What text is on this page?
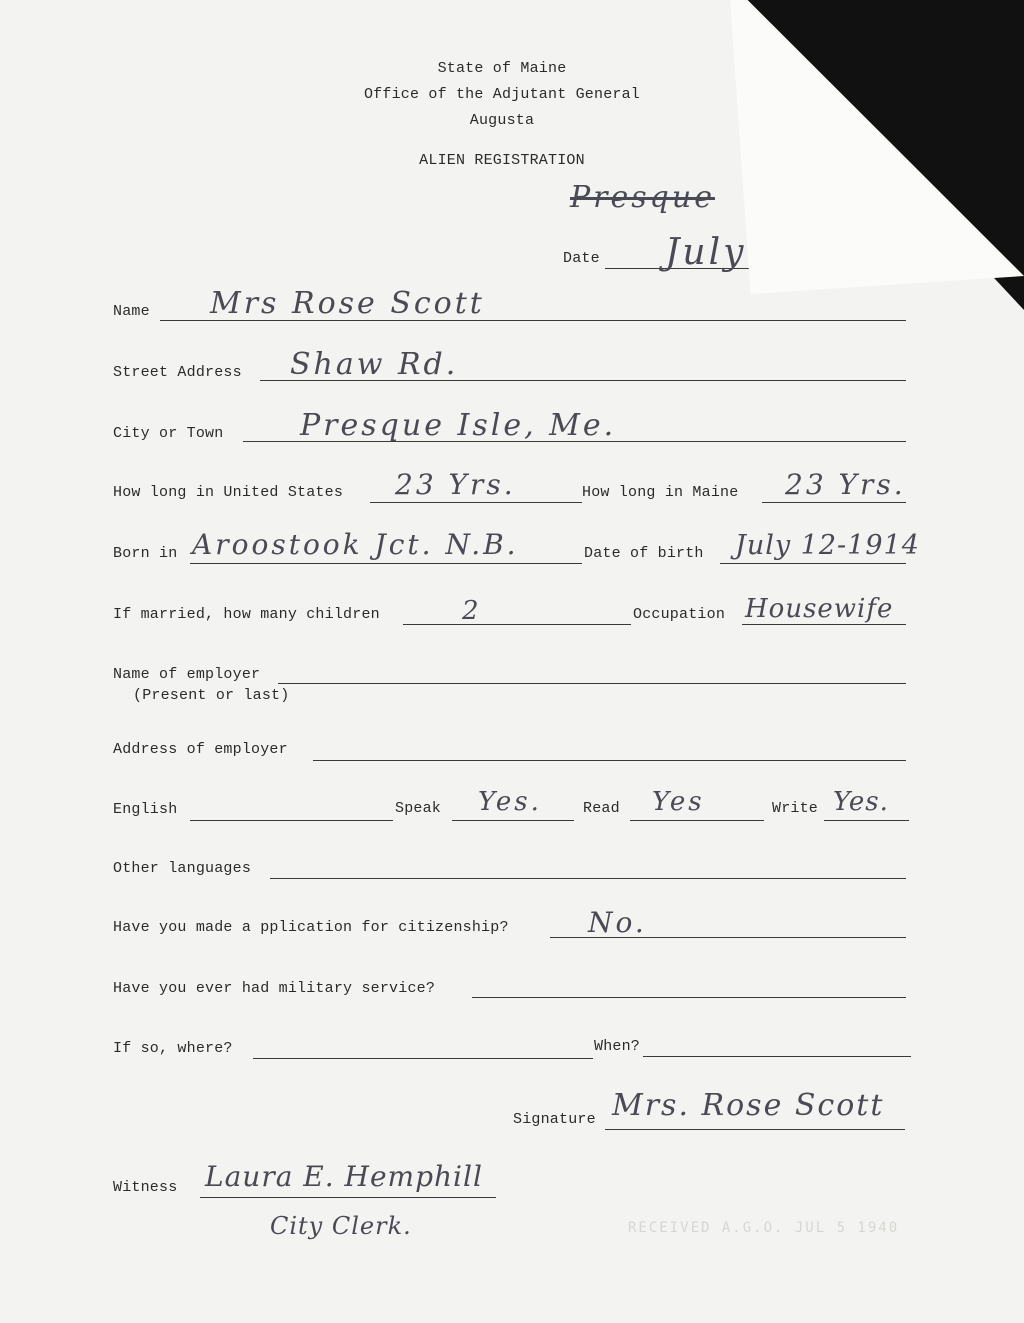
State of Maine
Office of the Adjutant General
Augusta
ALIEN REGISTRATION
Presque
Date July
Name Mrs Rose Scott
Street Address Shaw Rd.
City or Town	Presque Isle, Me.
How long in United States 23 Yrs.	How long in Maine 23 Yrs.
Born in Aroostook Jct. N.B.	Date of birth July 12-1914
If married, how many children	2	Occupation Housewife
Name of employer
(Present or last)
Address of employer
English	Speak Yes.	Read Yes	Write Yes.
Other languages
Have you made a pplication for citizenship?	No.
Have you ever had military service?
If so, where?	When?
Signature Mrs. Rose Scott
Witness Laura E. Hemphill
City Clerk.	RECEIVED A.G.O. JUL 5 1940
